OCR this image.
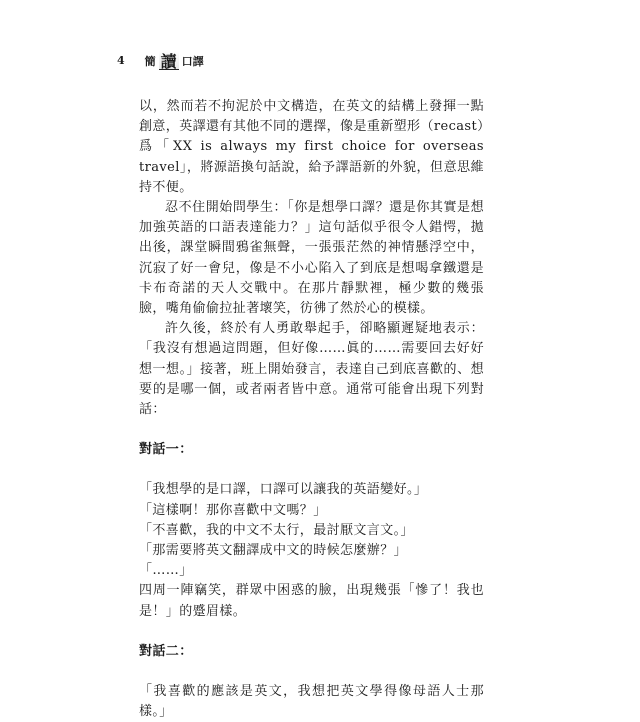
4 簡 讀 口譯

以，然而若不拘泥於中文構造，在英文的結構上發揮一點創意，英譯還有其他不同的選擇，像是重新塑形（recast）爲「XX is always my first choice for overseas travel」，將源語換句話說，給予譯語新的外貌，但意思維持不便。

忍不住開始問學生：「你是想學口譯？還是你其實是想加強英語的口語表達能力？」這句話似乎很令人錯愕，拋出後，課堂瞬間鴉雀無聲，一張張茫然的神情懸浮空中，沉寂了好一會兒，像是不小心陷入了到底是想喝拿鐵還是卡布奇諾的天人交戰中。在那片靜默裡，極少數的幾張臉，嘴角偷偷拉扯著壞笑，彷彿了然於心的模樣。

許久後，終於有人勇敢舉起手，卻略顯遲疑地表示：「我沒有想過這問題，但好像……眞的……需要回去好好想一想。」接著，班上開始發言，表達自己到底喜歡的、想要的是哪一個，或者兩者皆中意。通常可能會出現下列對話：

對話一：

「我想學的是口譯，口譯可以讓我的英語變好。」

「這樣啊！那你喜歡中文嗎？」

「不喜歡，我的中文不太行，最討厭文言文。」

「那需要將英文翻譯成中文的時候怎麼辦？」

「……」

四周一陣竊笑，群眾中困惑的臉，出現幾張「慘了！我也是！」的蹙眉樣。

對話二：

「我喜歡的應該是英文，我想把英文學得像母語人士那樣。」
